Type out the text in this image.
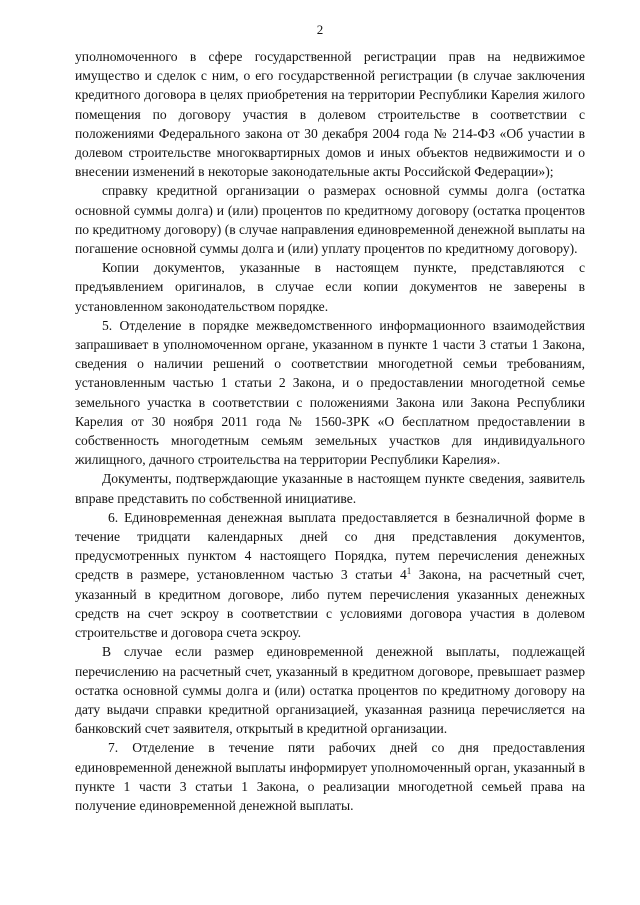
2

уполномоченного в сфере государственной регистрации прав на недвижимое имущество и сделок с ним, о его государственной регистрации (в случае заключения кредитного договора в целях приобретения на территории Республики Карелия жилого помещения по договору участия в долевом строительстве в соответствии с положениями Федерального закона от 30 декабря 2004 года № 214-ФЗ «Об участии в долевом строительстве многоквартирных домов и иных объектов недвижимости и о внесении изменений в некоторые законодательные акты Российской Федерации»);

справку кредитной организации о размерах основной суммы долга (остатка основной суммы долга) и (или) процентов по кредитному договору (остатка процентов по кредитному договору) (в случае направления единовременной денежной выплаты на погашение основной суммы долга и (или) уплату процентов по кредитному договору).

Копии документов, указанные в настоящем пункте, представляются с предъявлением оригиналов, в случае если копии документов не заверены в установленном законодательством порядке.

5. Отделение в порядке межведомственного информационного взаимодействия запрашивает в уполномоченном органе, указанном в пункте 1 части 3 статьи 1 Закона, сведения о наличии решений о соответствии многодетной семьи требованиям, установленным частью 1 статьи 2 Закона, и о предоставлении многодетной семье земельного участка в соответствии с положениями Закона или Закона Республики Карелия от 30 ноября 2011 года № 1560-ЗРК «О бесплатном предоставлении в собственность многодетным семьям земельных участков для индивидуального жилищного, дачного строительства на территории Республики Карелия».

Документы, подтверждающие указанные в настоящем пункте сведения, заявитель вправе представить по собственной инициативе.

6. Единовременная денежная выплата предоставляется в безналичной форме в течение тридцати календарных дней со дня представления документов, предусмотренных пунктом 4 настоящего Порядка, путем перечисления денежных средств в размере, установленном частью 3 статьи $4^1$ Закона, на расчетный счет, указанный в кредитном договоре, либо путем перечисления указанных денежных средств на счет эскроу в соответствии с условиями договора участия в долевом строительстве и договора счета эскроу.

В случае если размер единовременной денежной выплаты, подлежащей перечислению на расчетный счет, указанный в кредитном договоре, превышает размер остатка основной суммы долга и (или) остатка процентов по кредитному договору на дату выдачи справки кредитной организацией, указанная разница перечисляется на банковский счет заявителя, открытый в кредитной организации.

7. Отделение в течение пяти рабочих дней со дня предоставления единовременной денежной выплаты информирует уполномоченный орган, указанный в пункте 1 части 3 статьи 1 Закона, о реализации многодетной семьей права на получение единовременной денежной выплаты.
